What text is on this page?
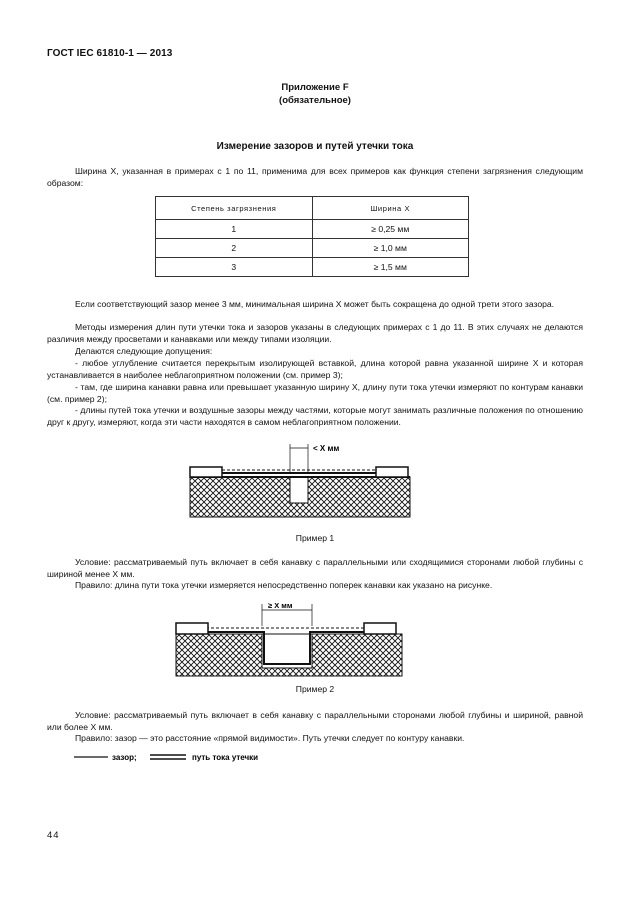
ГОСТ IEC 61810-1 — 2013
Приложение F
(обязательное)
Измерение зазоров и путей утечки тока

Ширина X, указанная в примерах с 1 по 11, применима для всех примеров как функция степени загрязнения следующим образом:

Степень загрязнения	Ширина X
1	≥ 0,25 мм
2	≥ 1,0 мм
3	≥ 1,5 мм

Если соответствующий зазор менее 3 мм, минимальная ширина X может быть сокращена до одной трети этого зазора.

Методы измерения длин пути утечки тока и зазоров указаны в следующих примерах с 1 до 11. В этих случаях не делаются различия между просветами и канавками или между типами изоляции.

Делаются следующие допущения:

- любое углубление считается перекрытым изолирующей вставкой, длина которой равна указанной ширине X и которая устанавливается в наиболее неблагоприятном положении (см. пример 3);

- там, где ширина канавки равна или превышает указанную ширину X, длину пути тока утечки измеряют по контурам канавки (см. пример 2);

- длины путей тока утечки и воздушные зазоры между частями, которые могут занимать различные положения по отношению друг к другу, измеряют, когда эти части находятся в самом неблагоприятном положении.

< X мм
Пример 1

Условие: рассматриваемый путь включает в себя канавку с параллельными или сходящимися сторонами любой глубины с шириной менее X мм.

Правило: длина пути тока утечки измеряется непосредственно поперек канавки как указано на рисунке.

≥ X мм
Пример 2

Условие: рассматриваемый путь включает в себя канавку с параллельными сторонами любой глубины и шириной, равной или более X мм.

Правило: зазор — это расстояние «прямой видимости». Путь утечки следует по контуру канавки.

зазор;	путь тока утечки
44
